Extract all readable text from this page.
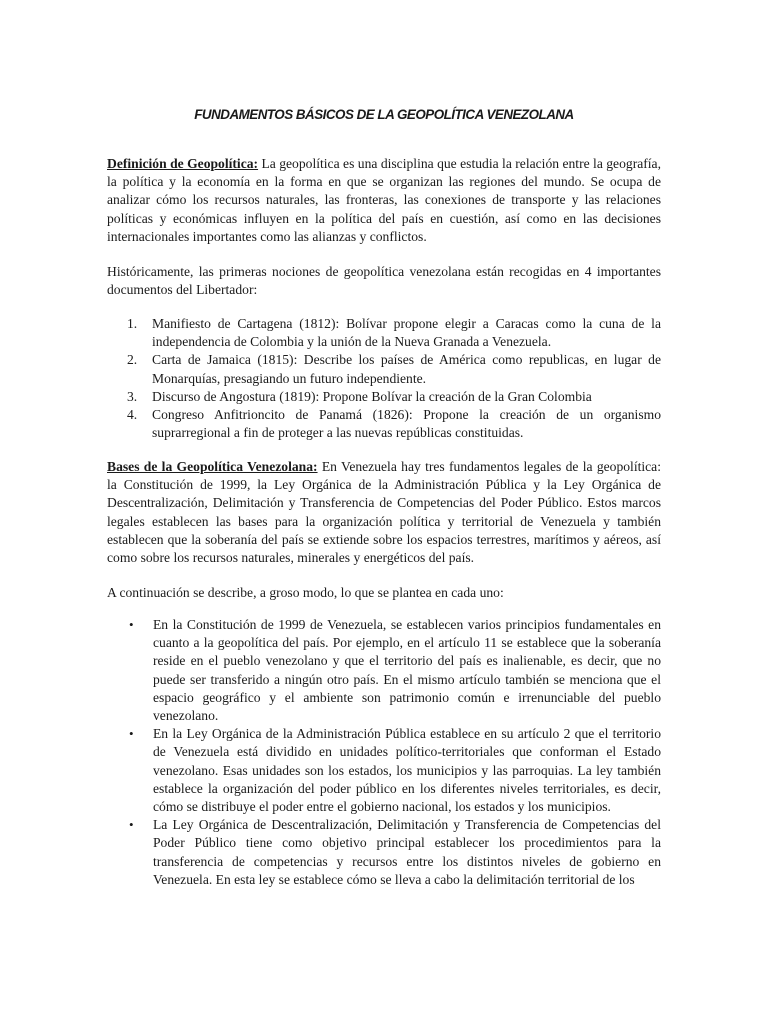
FUNDAMENTOS BÁSICOS DE LA GEOPOLÍTICA VENEZOLANA

Definición de Geopolítica: La geopolítica es una disciplina que estudia la relación entre la geografía, la política y la economía en la forma en que se organizan las regiones del mundo. Se ocupa de analizar cómo los recursos naturales, las fronteras, las conexiones de transporte y las relaciones políticas y económicas influyen en la política del país en cuestión, así como en las decisiones internacionales importantes como las alianzas y conflictos.

Históricamente, las primeras nociones de geopolítica venezolana están recogidas en 4 importantes documentos del Libertador:

1. Manifiesto de Cartagena (1812): Bolívar propone elegir a Caracas como la cuna de la independencia de Colombia y la unión de la Nueva Granada a Venezuela.
2. Carta de Jamaica (1815): Describe los países de América como republicas, en lugar de Monarquías, presagiando un futuro independiente.
3. Discurso de Angostura (1819): Propone Bolívar la creación de la Gran Colombia
4. Congreso Anfitrioncito de Panamá (1826): Propone la creación de un organismo suprarregional a fin de proteger a las nuevas repúblicas constituidas.

Bases de la Geopolítica Venezolana: En Venezuela hay tres fundamentos legales de la geopolítica: la Constitución de 1999, la Ley Orgánica de la Administración Pública y la Ley Orgánica de Descentralización, Delimitación y Transferencia de Competencias del Poder Público. Estos marcos legales establecen las bases para la organización política y territorial de Venezuela y también establecen que la soberanía del país se extiende sobre los espacios terrestres, marítimos y aéreos, así como sobre los recursos naturales, minerales y energéticos del país.

A continuación se describe, a groso modo, lo que se plantea en cada uno:

• En la Constitución de 1999 de Venezuela, se establecen varios principios fundamentales en cuanto a la geopolítica del país. Por ejemplo, en el artículo 11 se establece que la soberanía reside en el pueblo venezolano y que el territorio del país es inalienable, es decir, que no puede ser transferido a ningún otro país. En el mismo artículo también se menciona que el espacio geográfico y el ambiente son patrimonio común e irrenunciable del pueblo venezolano.
• En la Ley Orgánica de la Administración Pública establece en su artículo 2 que el territorio de Venezuela está dividido en unidades político-territoriales que conforman el Estado venezolano. Esas unidades son los estados, los municipios y las parroquias. La ley también establece la organización del poder público en los diferentes niveles territoriales, es decir, cómo se distribuye el poder entre el gobierno nacional, los estados y los municipios.
• La Ley Orgánica de Descentralización, Delimitación y Transferencia de Competencias del Poder Público tiene como objetivo principal establecer los procedimientos para la transferencia de competencias y recursos entre los distintos niveles de gobierno en Venezuela. En esta ley se establece cómo se lleva a cabo la delimitación territorial de los
